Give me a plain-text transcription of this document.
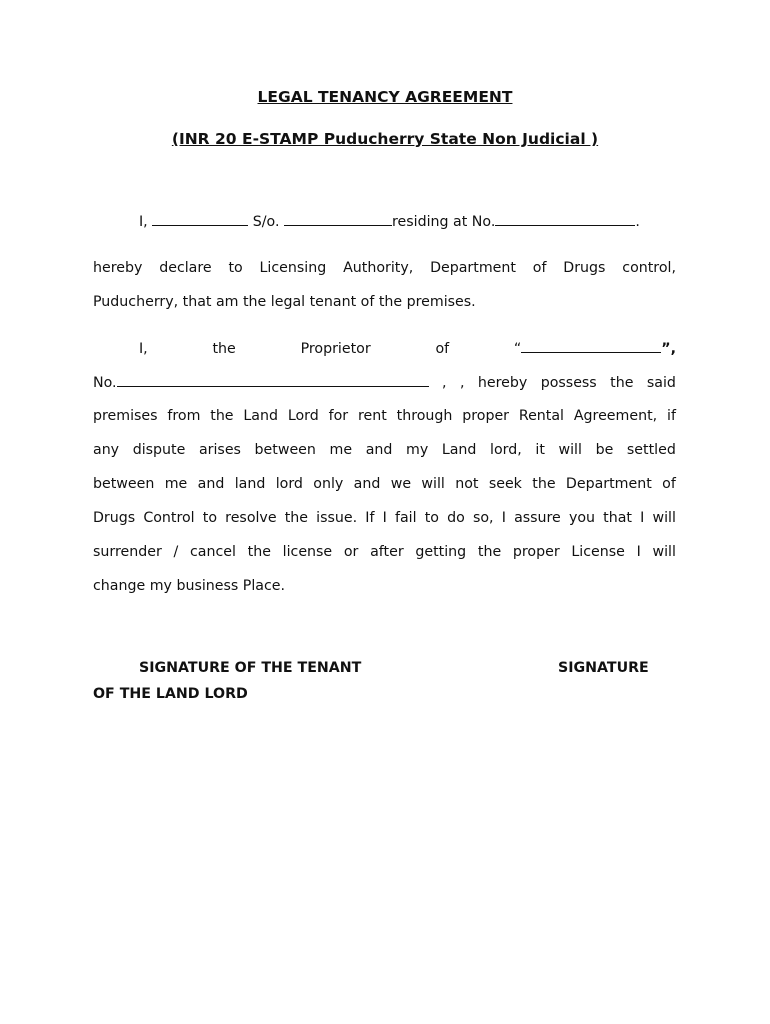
LEGAL TENANCY AGREEMENT
(INR 20 E-STAMP Puducherry State Non Judicial )

I,	S/o.	residing at No.	.

hereby declare to Licensing Authority, Department of Drugs control,

Puducherry, that am the legal tenant of the premises.

I,	the	Proprietor	of	“	”,

No.	, , hereby possess the said

premises from the Land Lord for rent through proper Rental Agreement, if

any dispute arises between me and my Land lord, it will be settled

between me and land lord only and we will not seek the Department of

Drugs Control to resolve the issue. If I fail to do so, I assure you that I will

surrender / cancel the license or after getting the proper License I will

change my business Place.

SIGNATURE OF THE TENANT	SIGNATURE

OF THE LAND LORD
